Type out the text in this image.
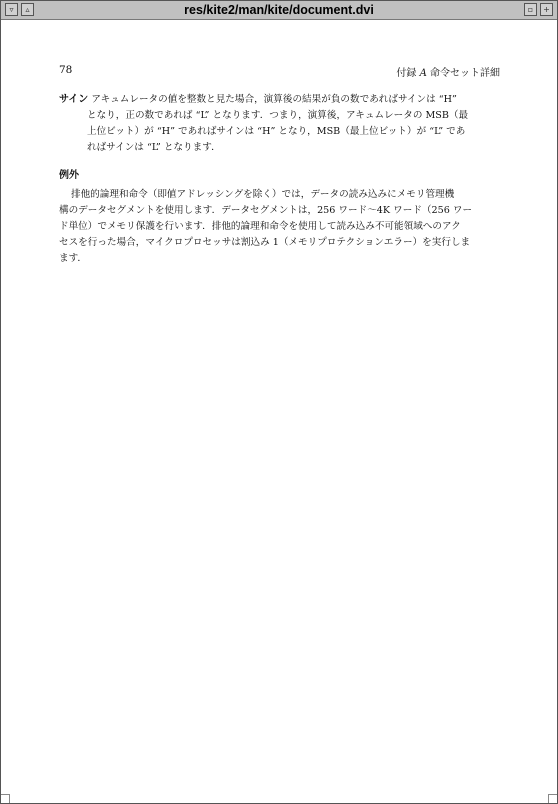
▿	▵	res/kite2/man/kite/document.dvi	▫	+
78	付録 A 命令セット詳細
サイン アキュムレータの値を整数と見た場合，演算後の結果が負の数であればサインは “H”
となり，正の数であれば “L” となります．つまり，演算後，アキュムレータの MSB（最
上位ビット）が “H” であればサインは “H” となり，MSB（最上位ビット）が “L” であ
ればサインは “L” となります．
例外
排他的論理和命令（即値アドレッシングを除く）では，データの読み込みにメモリ管理機
構のデータセグメントを使用します．データセグメントは，256 ワード〜4K ワード（256 ワー
ド単位）でメモリ保護を行います．排他的論理和命令を使用して読み込み不可能領域へのアク
セスを行った場合，マイクロプロセッサは割込み 1（メモリプロテクションエラー）を実行しま
ます．
